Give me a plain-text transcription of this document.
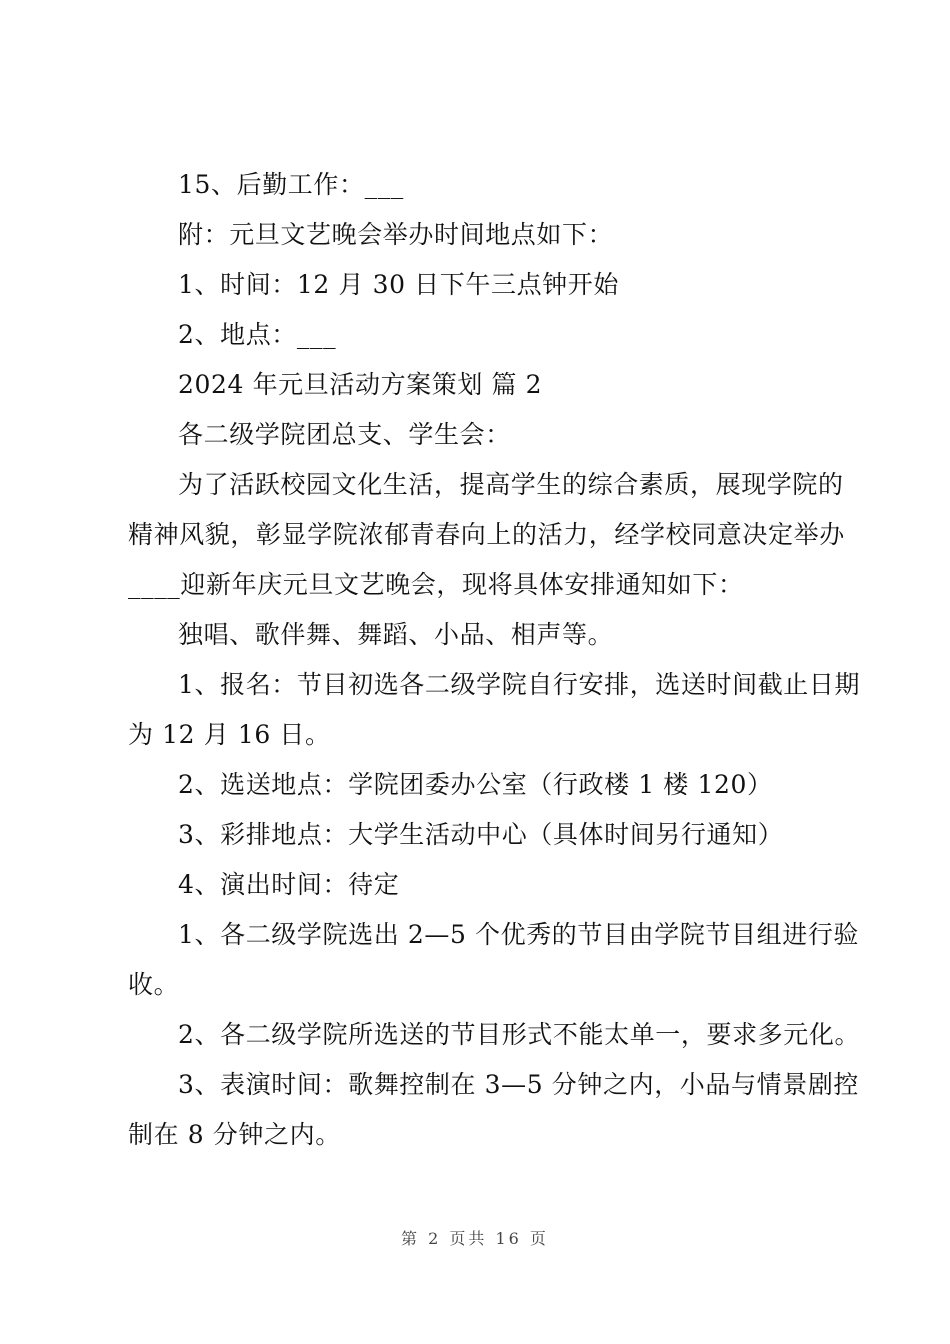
15、后勤工作：___
附：元旦文艺晚会举办时间地点如下：
1、时间：12 月 30 日下午三点钟开始
2、地点：___
2024 年元旦活动方案策划 篇 2
各二级学院团总支、学生会：
为了活跃校园文化生活，提高学生的综合素质，展现学院的
精神风貌，彰显学院浓郁青春向上的活力，经学校同意决定举办
____迎新年庆元旦文艺晚会，现将具体安排通知如下：
独唱、歌伴舞、舞蹈、小品、相声等。
1、报名：节目初选各二级学院自行安排，选送时间截止日期
为 12 月 16 日。
2、选送地点：学院团委办公室（行政楼 1 楼 120）
3、彩排地点：大学生活动中心（具体时间另行通知）
4、演出时间：待定
1、各二级学院选出 2—5 个优秀的节目由学院节目组进行验
收。
2、各二级学院所选送的节目形式不能太单一，要求多元化。
3、表演时间：歌舞控制在 3—5 分钟之内，小品与情景剧控
制在 8 分钟之内。
第 2 页共 16 页
